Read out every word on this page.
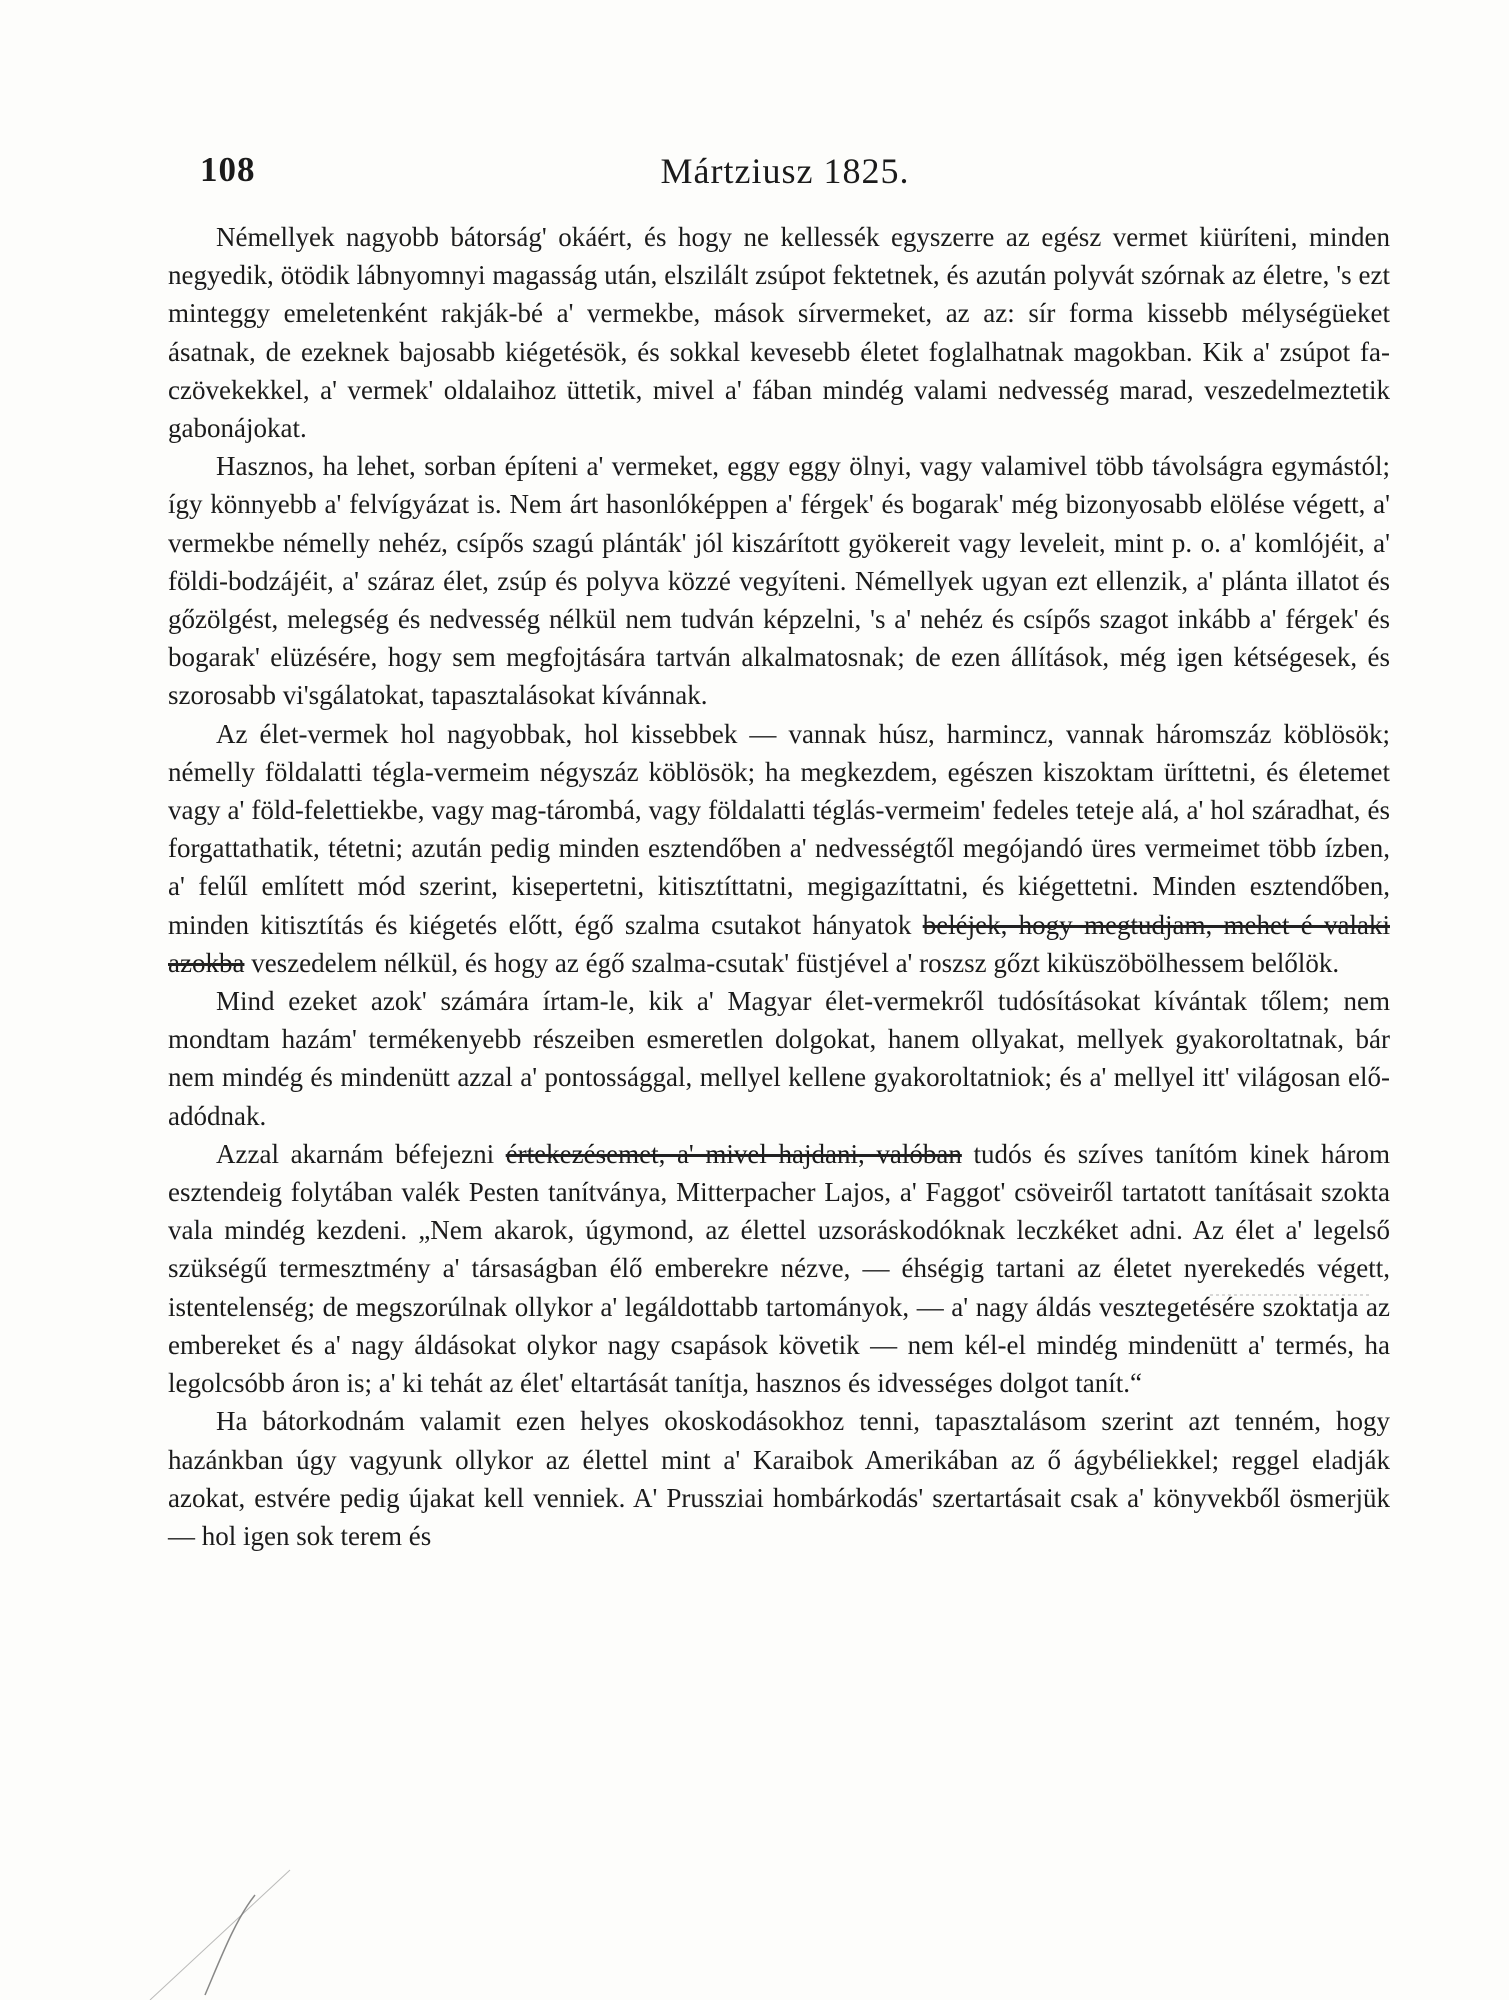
108	Mártziusz 1825.

Némellyek nagyobb bátorság' okáért, és hogy ne kellessék egyszerre az egész vermet kiüríteni, minden negyedik, ötödik lábnyomnyi magasság után, elszilált zsúpot fektetnek, és azután polyvát szórnak az életre, 's ezt minteggy emeletenként rakják-bé a' vermekbe, mások sírvermeket, az az: sír forma kissebb mélységüeket ásatnak, de ezeknek bajosabb kiégetésök, és sokkal kevesebb életet foglalhatnak magokban. Kik a' zsúpot fa-czövekekkel, a' vermek' oldalaihoz üttetik, mivel a' fában mindég valami nedvesség marad, veszedelmeztetik gabonájokat.

Hasznos, ha lehet, sorban építeni a' vermeket, eggy eggy ölnyi, vagy valamivel több távolságra egymástól; így könnyebb a' felvígyázat is. Nem árt hasonlóképpen a' férgek' és bogarak' még bizonyosabb elölése végett, a' vermekbe némelly nehéz, csípős szagú plánták' jól kiszárított gyökereit vagy leveleit, mint p. o. a' komlójéit, a' földi-bodzájéit, a' száraz élet, zsúp és polyva közzé vegyíteni. Némellyek ugyan ezt ellenzik, a' plánta illatot és gőzölgést, melegség és nedvesség nélkül nem tudván képzelni, 's a' nehéz és csípős szagot inkább a' férgek' és bogarak' elüzésére, hogy sem megfojtására tartván alkalmatosnak; de ezen állítások, még igen kétségesek, és szorosabb vi'sgálatokat, tapasztalásokat kívánnak.

Az élet-vermek hol nagyobbak, hol kissebbek — vannak húsz, harmincz, vannak háromszáz köblösök; némelly földalatti tégla-vermeim négyszáz köblösök; ha megkezdem, egészen kiszoktam üríttetni, és életemet vagy a' föld-felettiekbe, vagy mag-tárombá, vagy földalatti téglás-vermeim' fedeles teteje alá, a' hol száradhat, és forgattathatik, tétetni; azután pedig minden esztendőben a' nedvességtől megójandó üres vermeimet több ízben, a' felűl említett mód szerint, kisepertetni, kitisztíttatni, megigazíttatni, és kiégettetni. Minden esztendőben, minden kitisztítás és kiégetés előtt, égő szalma csutakot hányatok beléjek, hogy megtudjam, mehet é valaki azokba veszedelem nélkül, és hogy az égő szalma-csutak' füstjével a' roszsz gőzt kiküszöbölhessem belőlök.

Mind ezeket azok' számára írtam-le, kik a' Magyar élet-vermekről tudósításokat kívántak tőlem; nem mondtam hazám' termékenyebb részeiben esmeretlen dolgokat, hanem ollyakat, mellyek gyakoroltatnak, bár nem mindég és mindenütt azzal a' pontossággal, mellyel kellene gyakoroltatniok; és a' mellyel itt' világosan elő-adódnak.

Azzal akarnám béfejezni értekezésemet, a' mivel hajdani, valóban tudós és szíves tanítóm kinek három esztendeig folytában valék Pesten tanítványa, Mitterpacher Lajos, a' Faggot' csöveiről tartatott tanításait szokta vala mindég kezdeni. „Nem akarok, úgymond, az élettel uzsoráskodóknak leczkéket adni. Az élet a' legelső szükségű termesztmény a' társaságban élő emberekre nézve, — éhségig tartani az életet nyerekedés végett, istentelenség; de megszorúlnak ollykor a' legáldottabb tartományok, — a' nagy áldás vesztegetésére szoktatja az embereket és a' nagy áldásokat olykor nagy csapások követik — nem kél-el mindég mindenütt a' termés, ha legolcsóbb áron is; a' ki tehát az élet' eltartását tanítja, hasznos és idvességes dolgot tanít.“

Ha bátorkodnám valamit ezen helyes okoskodásokhoz tenni, tapasztalásom szerint azt tenném, hogy hazánkban úgy vagyunk ollykor az élettel mint a' Karaibok Amerikában az ő ágybéliekkel; reggel eladják azokat, estvére pedig újakat kell venniek. A' Prussziai hombárkodás' szertartásait csak a' könyvekből ösmerjük — hol igen sok terem és
